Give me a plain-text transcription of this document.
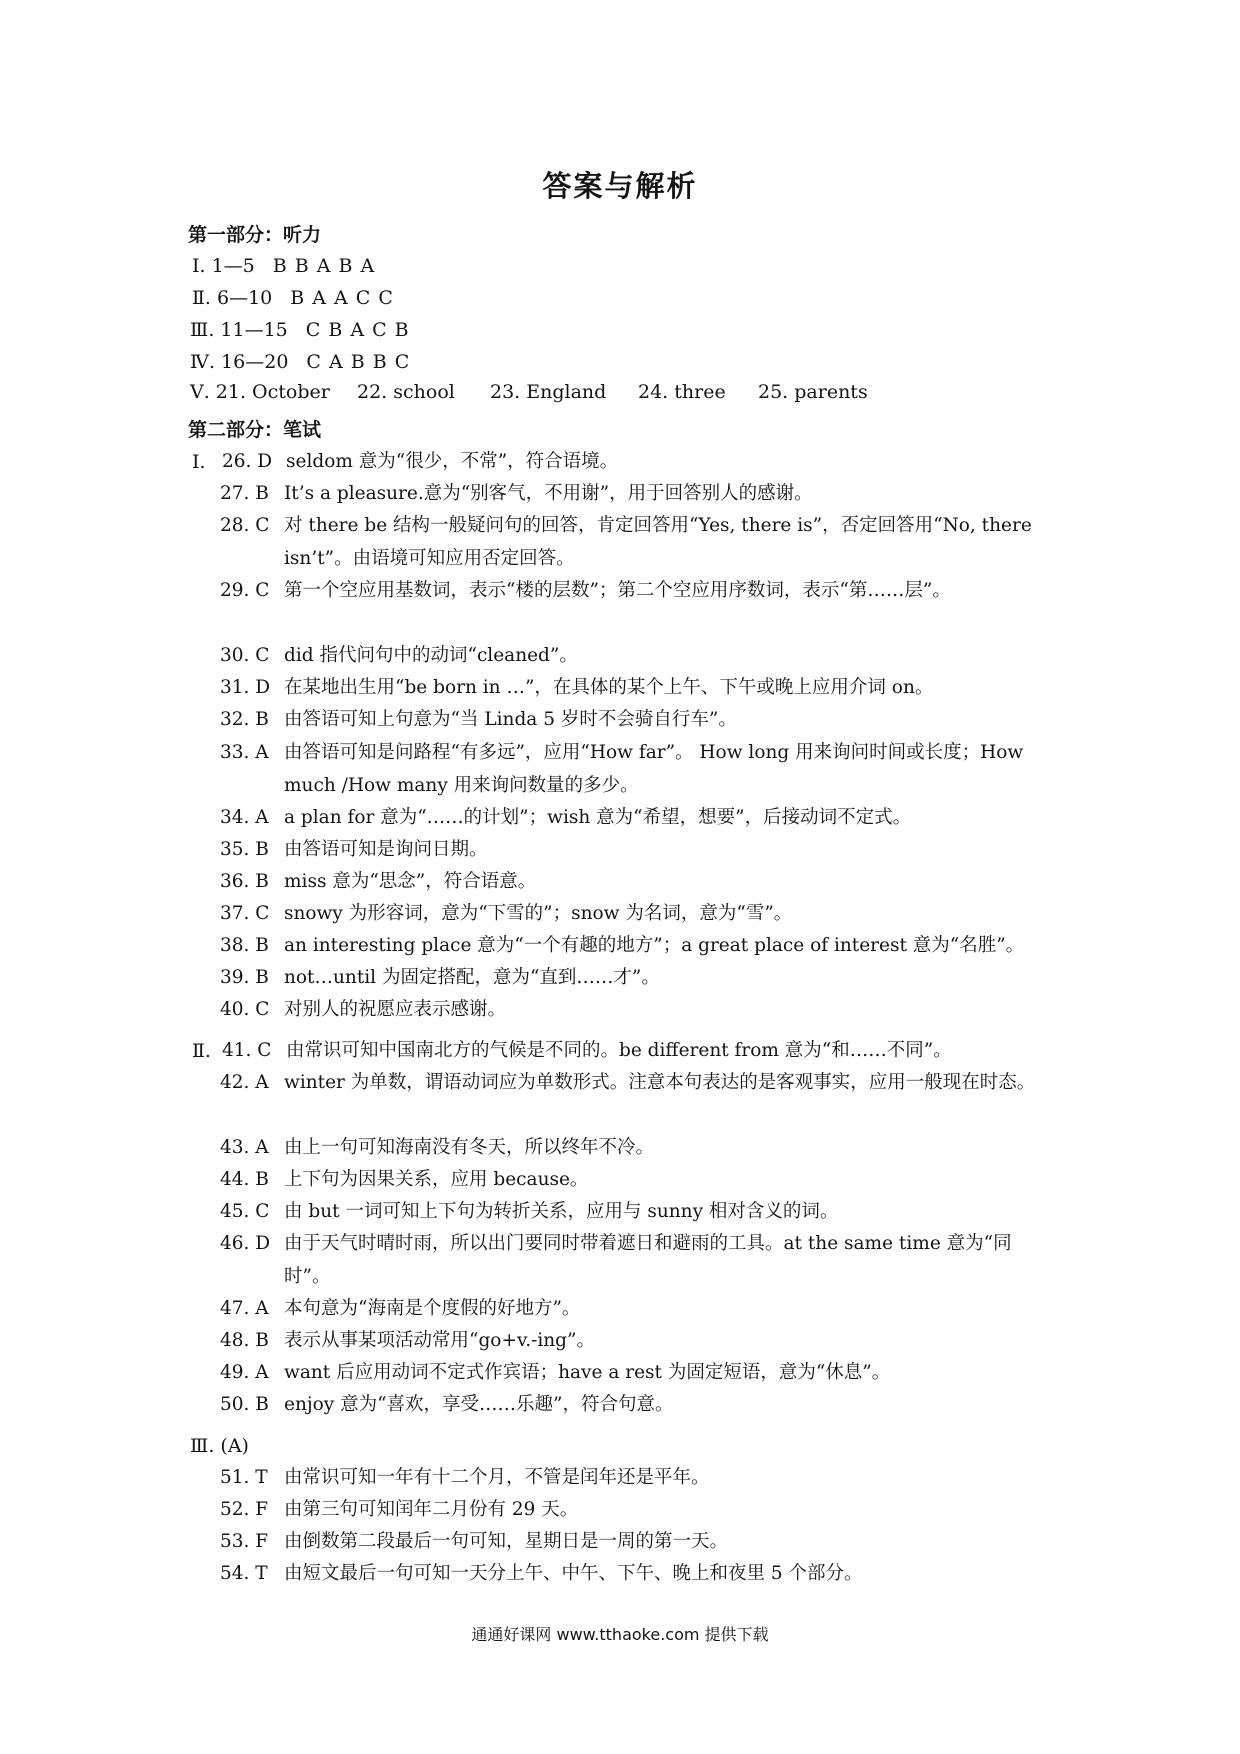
答案与解析
第一部分：听力
Ⅰ. 1—5 B B A B A
Ⅱ. 6—10 B A A C C
Ⅲ. 11—15 C B A C B
Ⅳ. 16—20 C A B B C
Ⅴ. 21. October 22. school 23. England 24. three 25. parents
第二部分：笔试
Ⅰ.
Ⅱ.
Ⅲ. (A)
26. D seldom 意为“很少，不常”，符合语境。
27. B It’s a pleasure.意为“别客气，不用谢”，用于回答别人的感谢。
28. C 对 there be 结构一般疑问句的回答，肯定回答用“Yes, there is”，否定回答用“No, there isn’t”。由语境可知应用否定回答。
29. C 第一个空应用基数词，表示“楼的层数”；第二个空应用序数词，表示“第……层”。
30. C did 指代问句中的动词“cleaned”。
31. D 在某地出生用“be born in …”，在具体的某个上午、下午或晚上应用介词 on。
32. B 由答语可知上句意为“当 Linda 5 岁时不会骑自行车”。
33. A 由答语可知是问路程“有多远”，应用“How far”。 How long 用来询问时间或长度；How much /How many 用来询问数量的多少。
34. A a plan for 意为“……的计划”；wish 意为“希望，想要”，后接动词不定式。
35. B 由答语可知是询问日期。
36. B miss 意为“思念”，符合语意。
37. C snowy 为形容词，意为“下雪的”；snow 为名词，意为“雪”。
38. B an interesting place 意为“一个有趣的地方”；a great place of interest 意为“名胜”。
39. B not…until 为固定搭配，意为“直到……才”。
40. C 对别人的祝愿应表示感谢。
41. C 由常识可知中国南北方的气候是不同的。be different from 意为“和……不同”。
42. A winter 为单数，谓语动词应为单数形式。注意本句表达的是客观事实，应用一般现在时态。
43. A 由上一句可知海南没有冬天，所以终年不冷。
44. B 上下句为因果关系，应用 because。
45. C 由 but 一词可知上下句为转折关系，应用与 sunny 相对含义的词。
46. D 由于天气时晴时雨，所以出门要同时带着遮日和避雨的工具。at the same time 意为“同时”。
47. A 本句意为“海南是个度假的好地方”。
48. B 表示从事某项活动常用“go+v.-ing”。
49. A want 后应用动词不定式作宾语；have a rest 为固定短语，意为“休息”。
50. B enjoy 意为“喜欢，享受……乐趣”，符合句意。
51. T 由常识可知一年有十二个月，不管是闰年还是平年。
52. F 由第三句可知闰年二月份有 29 天。
53. F 由倒数第二段最后一句可知，星期日是一周的第一天。
54. T 由短文最后一句可知一天分上午、中午、下午、晚上和夜里 5 个部分。
通通好课网 www.tthaoke.com 提供下载
